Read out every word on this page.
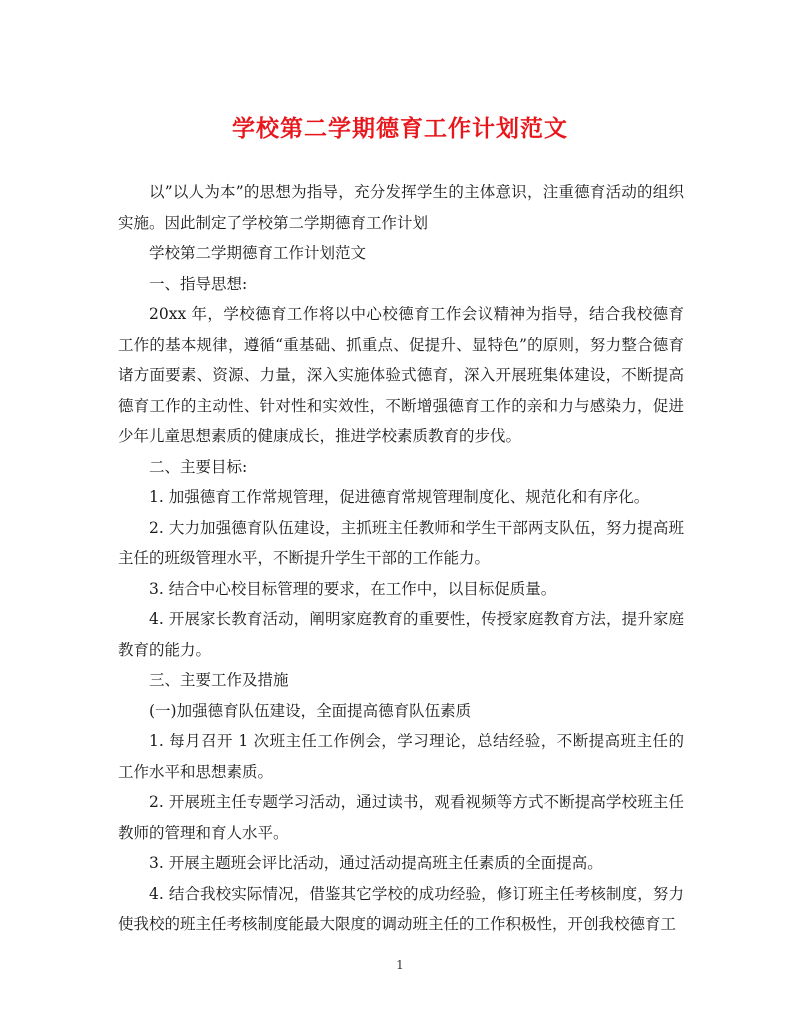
学校第二学期德育工作计划范文

以”以人为本”的思想为指导，充分发挥学生的主体意识，注重德育活动的组织实施。因此制定了学校第二学期德育工作计划

学校第二学期德育工作计划范文

一、指导思想:

20xx 年，学校德育工作将以中心校德育工作会议精神为指导，结合我校德育工作的基本规律，遵循“重基础、抓重点、促提升、显特色”的原则，努力整合德育诸方面要素、资源、力量，深入实施体验式德育，深入开展班集体建设，不断提高德育工作的主动性、针对性和实效性，不断增强德育工作的亲和力与感染力，促进少年儿童思想素质的健康成长，推进学校素质教育的步伐。

二、主要目标:

1. 加强德育工作常规管理，促进德育常规管理制度化、规范化和有序化。

2. 大力加强德育队伍建设，主抓班主任教师和学生干部两支队伍，努力提高班主任的班级管理水平，不断提升学生干部的工作能力。

3. 结合中心校目标管理的要求，在工作中，以目标促质量。

4. 开展家长教育活动，阐明家庭教育的重要性，传授家庭教育方法，提升家庭教育的能力。

三、主要工作及措施

(一)加强德育队伍建设，全面提高德育队伍素质

1. 每月召开 1 次班主任工作例会，学习理论，总结经验，不断提高班主任的工作水平和思想素质。

2. 开展班主任专题学习活动，通过读书，观看视频等方式不断提高学校班主任教师的管理和育人水平。

3. 开展主题班会评比活动，通过活动提高班主任素质的全面提高。

4. 结合我校实际情况，借鉴其它学校的成功经验，修订班主任考核制度，努力使我校的班主任考核制度能最大限度的调动班主任的工作积极性，开创我校德育工

1
